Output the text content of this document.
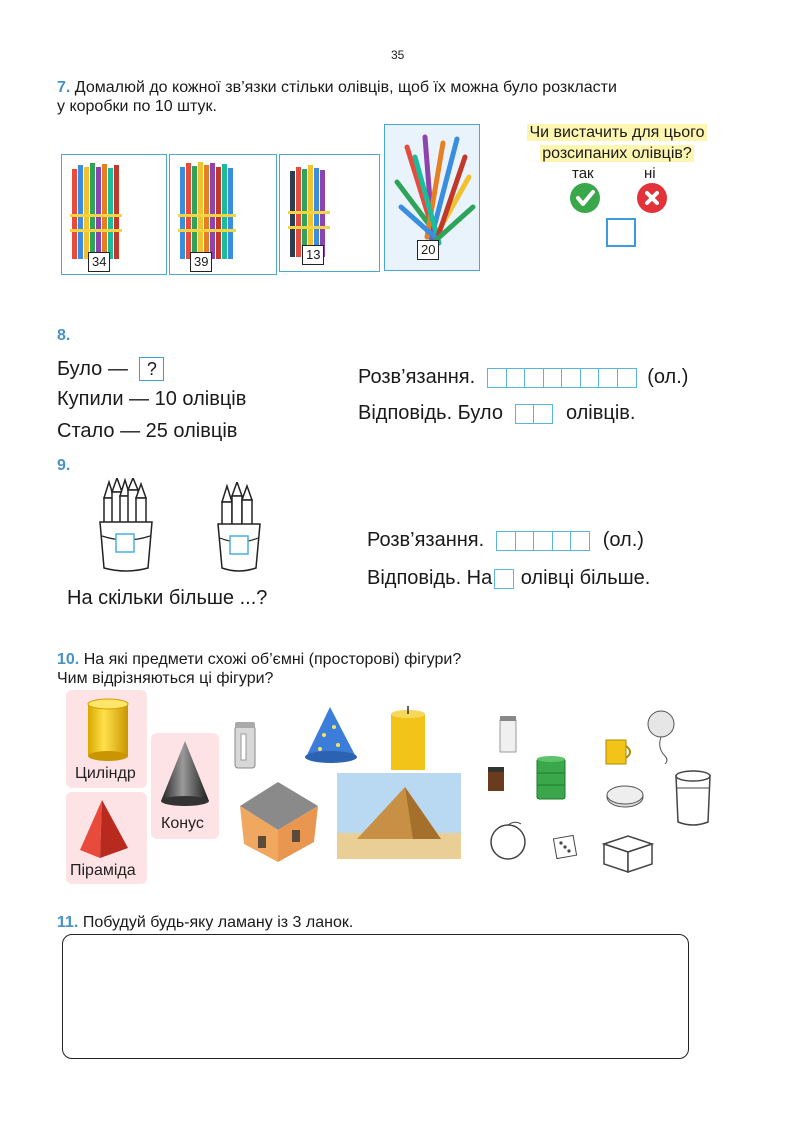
35
7. Домалюй до кожної зв’язки стільки олівців, щоб їх можна було розкласти
у коробки по 10 штук.
34	39	13	20
Чи вистачить для цього
розсипаних олівців?
так	ні
8.
Було — ?
Купили — 10 олівців
Стало — 25 олівців
Розв’язання.	(ол.)
Відповідь. Було	олівців.
9.
На скільки більше ...?
Розв’язання.	(ол.)
Відповідь. На олівці більше.
10. На які предмети схожі об’ємні (просторові) фігури?
Чим відрізняються ці фігури?
Циліндр
Піраміда
Конус
11. Побудуй будь-яку ламану із 3 ланок.
